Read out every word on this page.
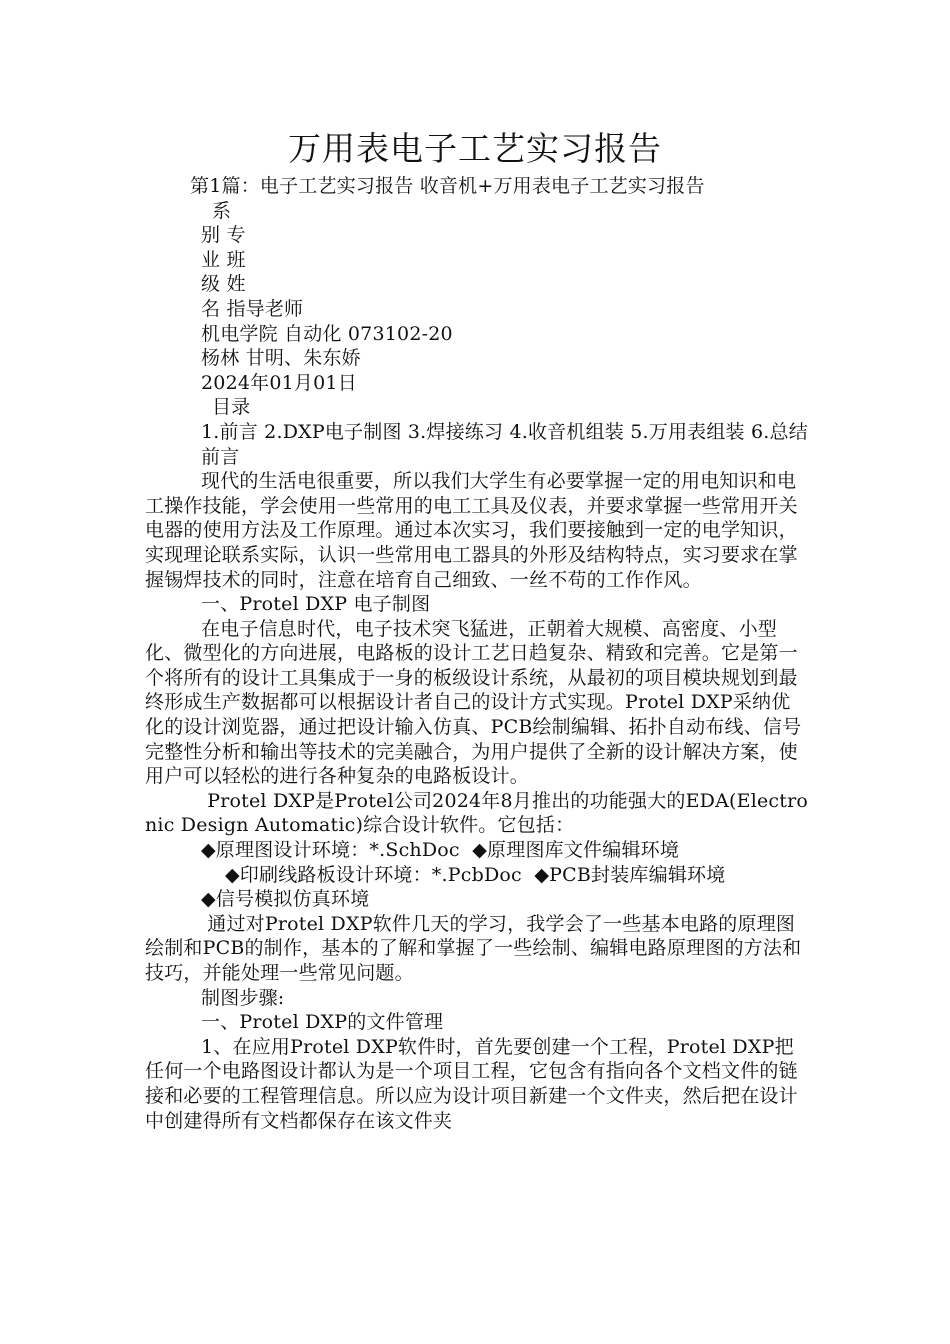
万用表电子工艺实习报告

第1篇：电子工艺实习报告 收音机+万用表电子工艺实习报告

系

别 专

业 班

级 姓

名 指导老师

机电学院 自动化 073102-20

杨林 甘明、朱东娇

2024年01月01日

目录

1.前言 2.DXP电子制图 3.焊接练习 4.收音机组装 5.万用表组装 6.总结

前言

现代的生活电很重要，所以我们大学生有必要掌握一定的用电知识和电工操作技能，学会使用一些常用的电工工具及仪表，并要求掌握一些常用开关电器的使用方法及工作原理。通过本次实习，我们要接触到一定的电学知识，实现理论联系实际，认识一些常用电工器具的外形及结构特点，实习要求在掌握锡焊技术的同时，注意在培育自己细致、一丝不苟的工作作风。

一、Protel DXP 电子制图

在电子信息时代，电子技术突飞猛进，正朝着大规模、高密度、小型化、微型化的方向进展，电路板的设计工艺日趋复杂、精致和完善。它是第一个将所有的设计工具集成于一身的板级设计系统，从最初的项目模块规划到最终形成生产数据都可以根据设计者自己的设计方式实现。Protel DXP采纳优化的设计浏览器，通过把设计输入仿真、PCB绘制编辑、拓扑自动布线、信号完整性分析和输出等技术的完美融合，为用户提供了全新的设计解决方案，使用户可以轻松的进行各种复杂的电路板设计。

Protel DXP是Protel公司2024年8月推出的功能强大的EDA(Electronic Design Automatic)综合设计软件。它包括：

◆原理图设计环境：*.SchDoc  ◆原理图库文件编辑环境

◆印刷线路板设计环境：*.PcbDoc  ◆PCB封装库编辑环境

◆信号模拟仿真环境

通过对Protel DXP软件几天的学习，我学会了一些基本电路的原理图绘制和PCB的制作，基本的了解和掌握了一些绘制、编辑电路原理图的方法和技巧，并能处理一些常见问题。

制图步骤:

一、Protel DXP的文件管理

1、在应用Protel DXP软件时，首先要创建一个工程，Protel DXP把任何一个电路图设计都认为是一个项目工程，它包含有指向各个文档文件的链接和必要的工程管理信息。所以应为设计项目新建一个文件夹，然后把在设计中创建得所有文档都保存在该文件夹
